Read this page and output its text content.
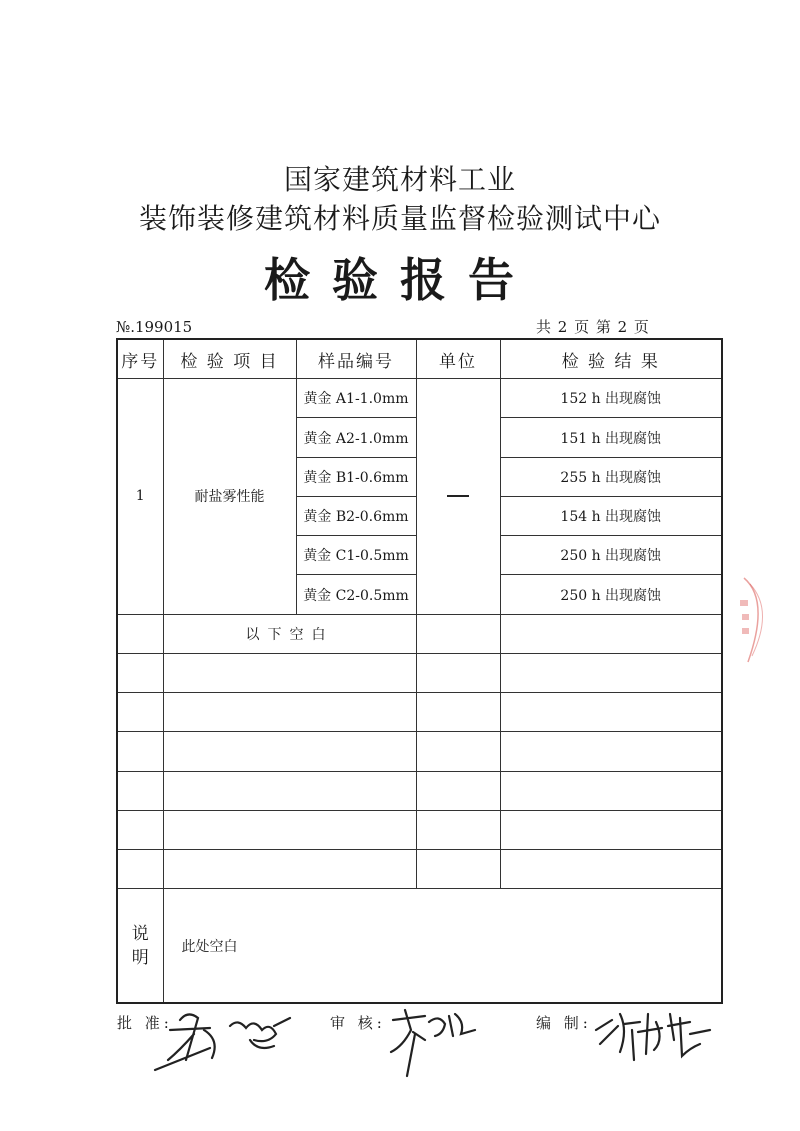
国家建筑材料工业
装饰装修建筑材料质量监督检验测试中心
检验报告
№.199015	共 2 页 第 2 页
序号	检 验 项 目	样品编号	单位	检 验 结 果
1	耐盐雾性能	黄金 A1-1.0mm		152 h 出现腐蚀
		黄金 A2-1.0mm		151 h 出现腐蚀
		黄金 B1-0.6mm		255 h 出现腐蚀
		黄金 B2-0.6mm		154 h 出现腐蚀
		黄金 C1-0.5mm		250 h 出现腐蚀
		黄金 C2-0.5mm		250 h 出现腐蚀
	以下空白			

说
明	此处空白			
批 准:	审 核:	编 制:
